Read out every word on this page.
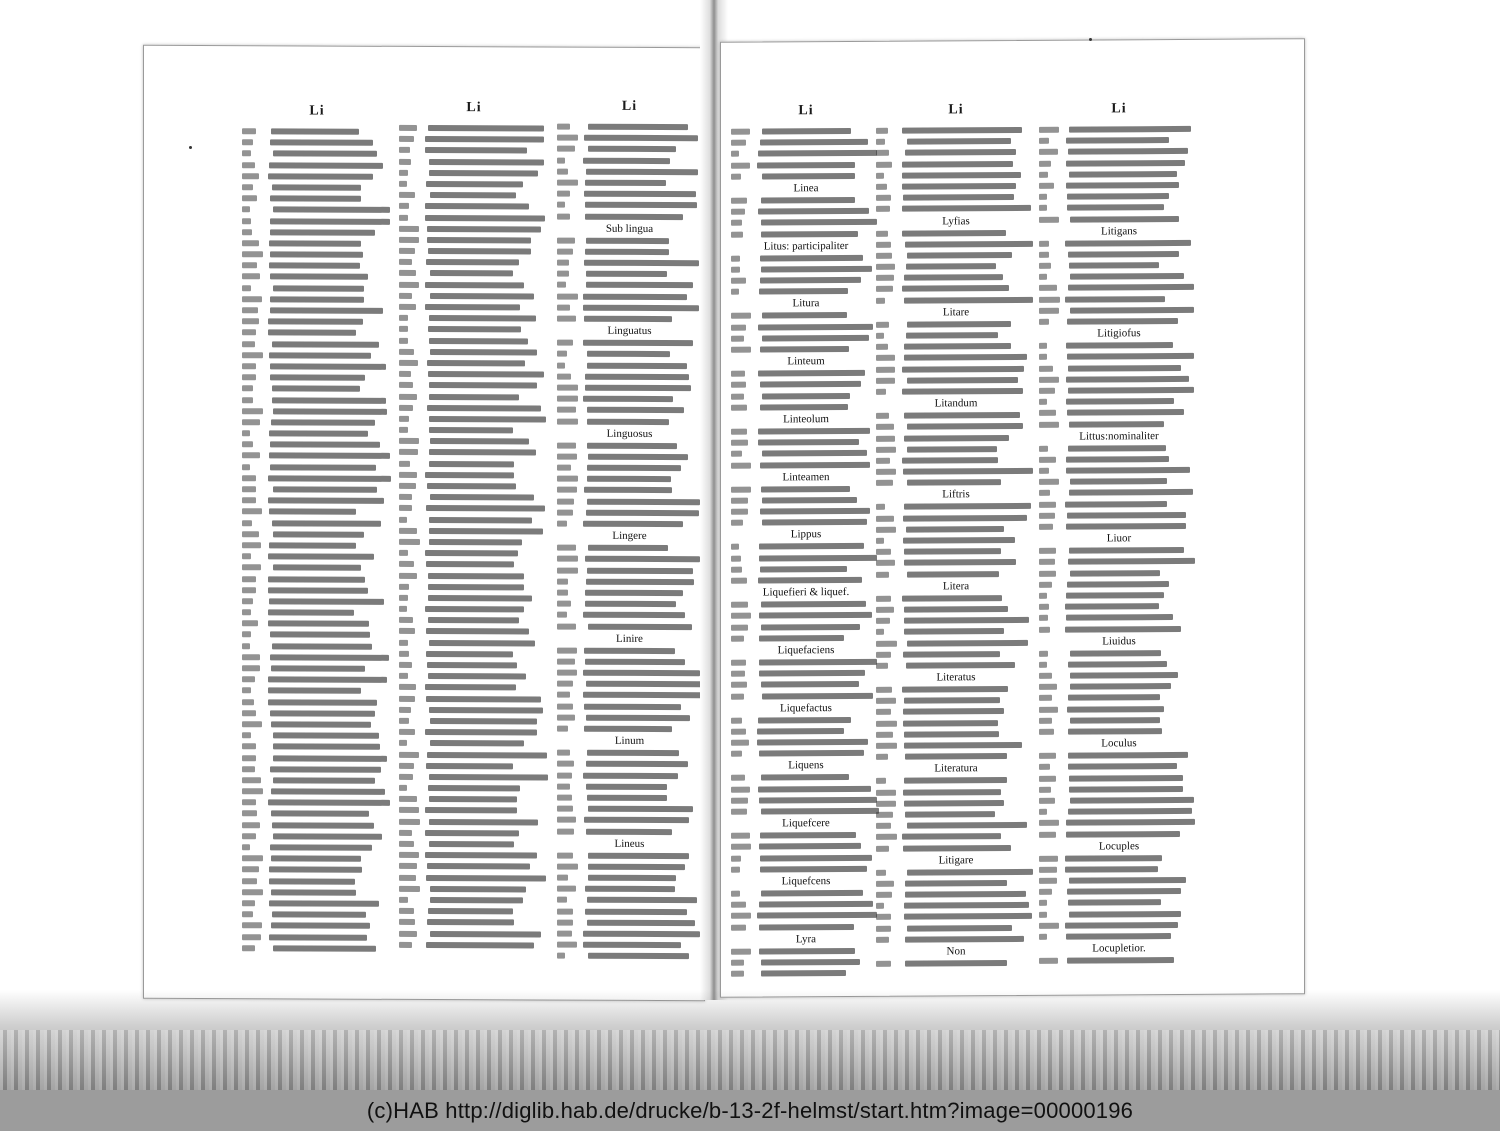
Li	Li	Li
Sub lingua
Linguatus
Linguosus
Lingere
Linire
Linum
Lineus
Li
Linea
Litus: participaliter
Litura
Linteum
Linteolum
Linteamen
Lippus
Liquefieri & liquef.
Liquefaciens
Liquefactus
Liquens
Liquefcere
Liquefcens
Lyra
Li
Lyfias
Litare
Litandum
Liftris
Litera
Literatus
Literatura
Litigare
Non
Li
Litigans
Litigiofus
Littus:nominaliter
Liuor
Liuidus
Loculus
Locuples
Locupletior.
(c)HAB http://diglib.hab.de/drucke/b-13-2f-helmst/start.htm?image=00000196
